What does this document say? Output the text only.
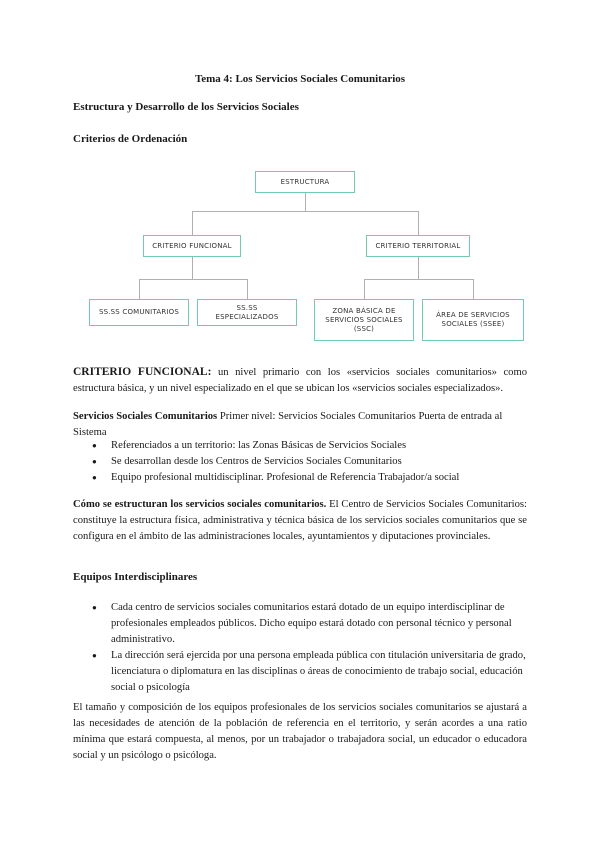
Tema 4: Los Servicios Sociales Comunitarios
Estructura y Desarrollo de los Servicios Sociales
Criterios de Ordenación
ESTRUCTURA
CRITERIO FUNCIONAL	CRITERIO TERRITORIAL
SS.SS COMUNITARIOS
SS.SS ESPECIALIZADOS
ZONA BÁSICA DE SERVICIOS SOCIALES (SSC)
ÁREA DE SERVICIOS SOCIALES (SSEE)
CRITERIO FUNCIONAL: un nivel primario con los «servicios sociales comunitarios» como estructura básica, y un nivel especializado en el que se ubican los «servicios sociales especializados».
Servicios Sociales Comunitarios Primer nivel: Servicios Sociales Comunitarios Puerta de entrada al Sistema
● Referenciados a un territorio: las Zonas Básicas de Servicios Sociales
● Se desarrollan desde los Centros de Servicios Sociales Comunitarios
● Equipo profesional multidisciplinar. Profesional de Referencia Trabajador/a social
Cómo se estructuran los servicios sociales comunitarios. El Centro de Servicios Sociales Comunitarios: constituye la estructura física, administrativa y técnica básica de los servicios sociales comunitarios que se configura en el ámbito de las administraciones locales, ayuntamientos y diputaciones provinciales.
Equipos Interdisciplinares
● Cada centro de servicios sociales comunitarios estará dotado de un equipo interdisciplinar de profesionales empleados públicos. Dicho equipo estará dotado con personal técnico y personal administrativo.
● La dirección será ejercida por una persona empleada pública con titulación universitaria de grado, licenciatura o diplomatura en las disciplinas o áreas de conocimiento de trabajo social, educación social o psicología
El tamaño y composición de los equipos profesionales de los servicios sociales comunitarios se ajustará a las necesidades de atención de la población de referencia en el territorio, y serán acordes a una ratio mínima que estará compuesta, al menos, por un trabajador o trabajadora social, un educador o educadora social y un psicólogo o psicóloga.
